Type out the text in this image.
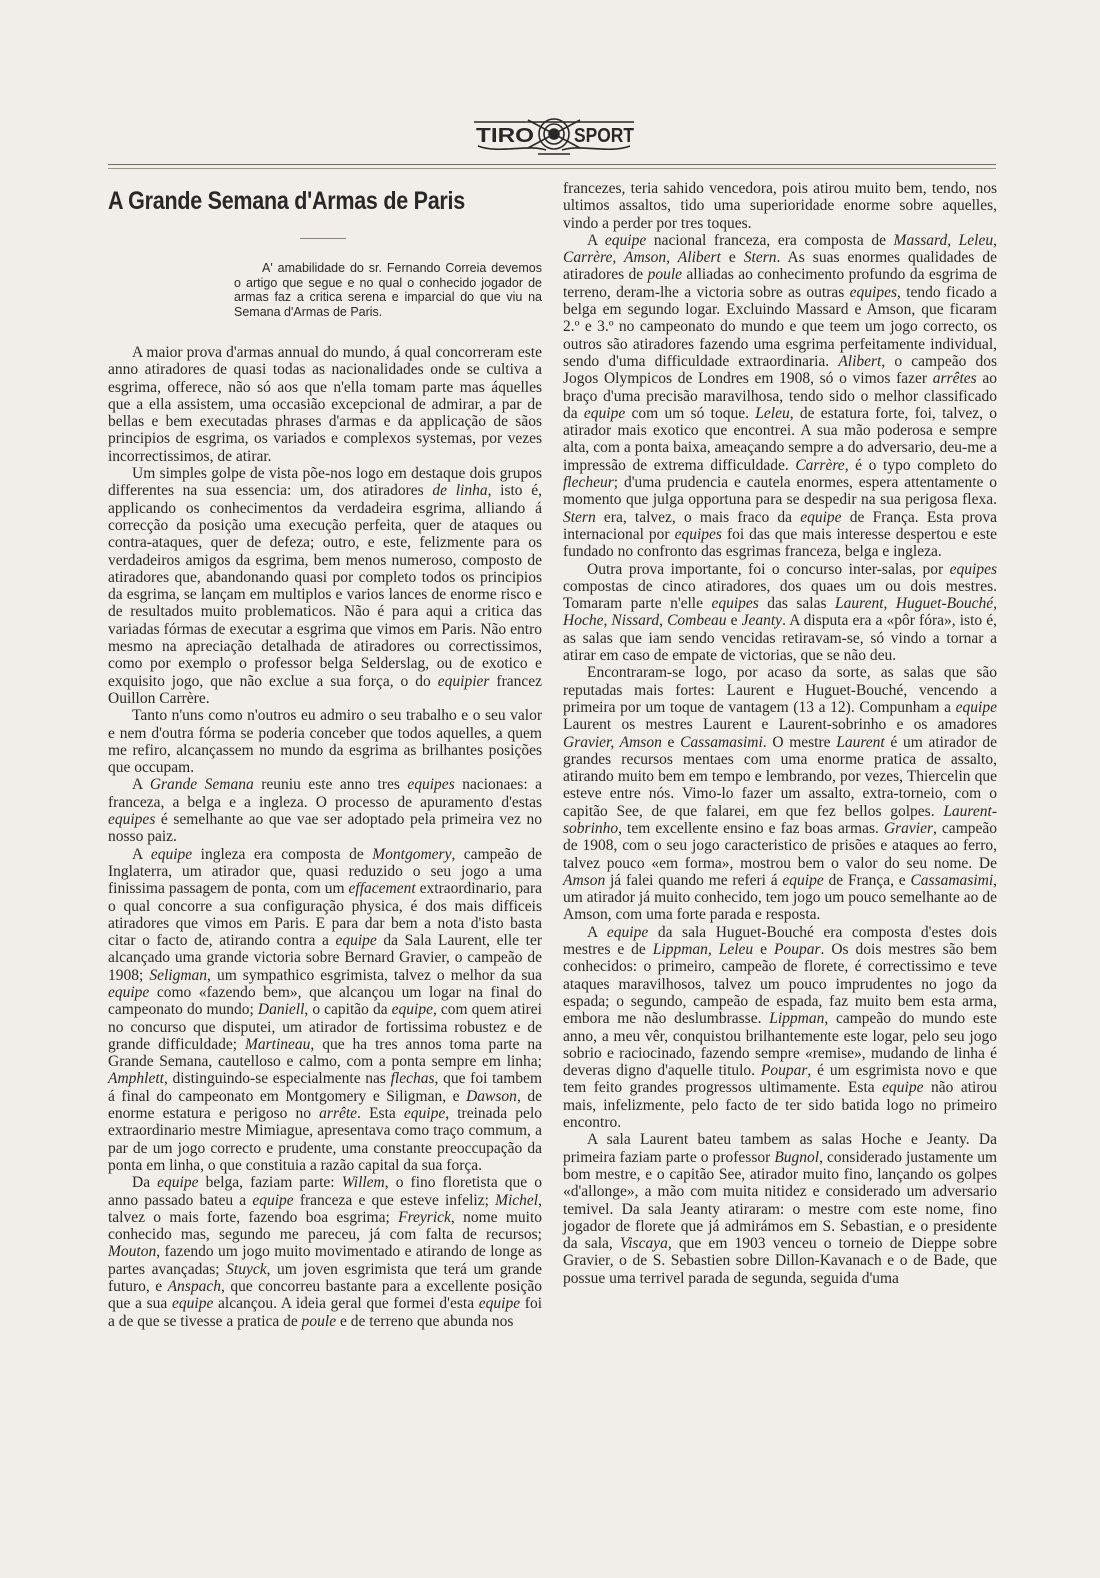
TIRO SPORT
A Grande Semana d'Armas de Paris
A' amabilidade do sr. Fernando Correia devemos o artigo que segue e no qual o conhecido jogador de armas faz a critica serena e imparcial do que viu na Semana d'Armas de Paris.

A maior prova d'armas annual do mundo, á qual concorreram este anno atiradores de quasi todas as nacionalidades onde se cultiva a esgrima, offerece, não só aos que n'ella tomam parte mas áquelles que a ella assistem, uma occasião excepcional de admirar, a par de bellas e bem executadas phrases d'armas e da applicação de sãos principios de esgrima, os variados e complexos systemas, por vezes incorrectissimos, de atirar.

Um simples golpe de vista põe-nos logo em destaque dois grupos differentes na sua essencia: um, dos atiradores de linha, isto é, applicando os conhecimentos da verdadeira esgrima, alliando á correcção da posição uma execução perfeita, quer de ataques ou contra-ataques, quer de defeza; outro, e este, felizmente para os verdadeiros amigos da esgrima, bem menos numeroso, composto de atiradores que, abandonando quasi por completo todos os principios da esgrima, se lançam em multiplos e varios lances de enorme risco e de resultados muito problematicos. Não é para aqui a critica das variadas fórmas de executar a esgrima que vimos em Paris. Não entro mesmo na apreciação detalhada de atiradores ou correctissimos, como por exemplo o professor belga Selderslag, ou de exotico e exquisito jogo, que não exclue a sua força, o do equipier francez Ouillon Carrère.

Tanto n'uns como n'outros eu admiro o seu trabalho e o seu valor e nem d'outra fórma se poderia conceber que todos aquelles, a quem me refiro, alcançassem no mundo da esgrima as brilhantes posições que occupam.

A Grande Semana reuniu este anno tres equipes nacionaes: a franceza, a belga e a ingleza. O processo de apuramento d'estas equipes é semelhante ao que vae ser adoptado pela primeira vez no nosso paiz.

A equipe ingleza era composta de Montgomery, campeão de Inglaterra, um atirador que, quasi reduzido o seu jogo a uma finissima passagem de ponta, com um effacement extraordinario, para o qual concorre a sua configuração physica, é dos mais difficeis atiradores que vimos em Paris. E para dar bem a nota d'isto basta citar o facto de, atirando contra a equipe da Sala Laurent, elle ter alcançado uma grande victoria sobre Bernard Gravier, o campeão de 1908; Seligman, um sympathico esgrimista, talvez o melhor da sua equipe como «fazendo bem», que alcançou um logar na final do campeonato do mundo; Daniell, o capitão da equipe, com quem atirei no concurso que disputei, um atirador de fortissima robustez e de grande difficuldade; Martineau, que ha tres annos toma parte na Grande Semana, cautelloso e calmo, com a ponta sempre em linha; Amphlett, distinguindo-se especialmente nas flechas, que foi tambem á final do campeonato em Montgomery e Siligman, e Dawson, de enorme estatura e perigoso no arrête. Esta equipe, treinada pelo extraordinario mestre Mimiague, apresentava como traço commum, a par de um jogo correcto e prudente, uma constante preoccupação da ponta em linha, o que constituia a razão capital da sua força.

Da equipe belga, faziam parte: Willem, o fino floretista que o anno passado bateu a equipe franceza e que esteve infeliz; Michel, talvez o mais forte, fazendo boa esgrima; Freyrick, nome muito conhecido mas, segundo me pareceu, já com falta de recursos; Mouton, fazendo um jogo muito movimentado e atirando de longe as partes avançadas; Stuyck, um joven esgrimista que terá um grande futuro, e Anspach, que concorreu bastante para a excellente posição que a sua equipe alcançou. A ideia geral que formei d'esta equipe foi a de que se tivesse a pratica de poule e de terreno que abunda nos

francezes, teria sahido vencedora, pois atirou muito bem, tendo, nos ultimos assaltos, tido uma superioridade enorme sobre aquelles, vindo a perder por tres toques.

A equipe nacional franceza, era composta de Massard, Leleu, Carrère, Amson, Alibert e Stern. As suas enormes qualidades de atiradores de poule alliadas ao conhecimento profundo da esgrima de terreno, deram-lhe a victoria sobre as outras equipes, tendo ficado a belga em segundo logar. Excluindo Massard e Amson, que ficaram 2.º e 3.º no campeonato do mundo e que teem um jogo correcto, os outros são atiradores fazendo uma esgrima perfeitamente individual, sendo d'uma difficuldade extraordinaria. Alibert, o campeão dos Jogos Olympicos de Londres em 1908, só o vimos fazer arrêtes ao braço d'uma precisão maravilhosa, tendo sido o melhor classificado da equipe com um só toque. Leleu, de estatura forte, foi, talvez, o atirador mais exotico que encontrei. A sua mão poderosa e sempre alta, com a ponta baixa, ameaçando sempre a do adversario, deu-me a impressão de extrema difficuldade. Carrère, é o typo completo do flecheur; d'uma prudencia e cautela enormes, espera attentamente o momento que julga opportuna para se despedir na sua perigosa flexa. Stern era, talvez, o mais fraco da equipe de França. Esta prova internacional por equipes foi das que mais interesse despertou e este fundado no confronto das esgrimas franceza, belga e ingleza.

Outra prova importante, foi o concurso inter-salas, por equipes compostas de cinco atiradores, dos quaes um ou dois mestres. Tomaram parte n'elle equipes das salas Laurent, Huguet-Bouché, Hoche, Nissard, Combeau e Jeanty. A disputa era a «pôr fóra», isto é, as salas que iam sendo vencidas retiravam-se, só vindo a tornar a atirar em caso de empate de victorias, que se não deu.

Encontraram-se logo, por acaso da sorte, as salas que são reputadas mais fortes: Laurent e Huguet-Bouché, vencendo a primeira por um toque de vantagem (13 a 12). Compunham a equipe Laurent os mestres Laurent e Laurent-sobrinho e os amadores Gravier, Amson e Cassamasimi. O mestre Laurent é um atirador de grandes recursos mentaes com uma enorme pratica de assalto, atirando muito bem em tempo e lembrando, por vezes, Thiercelin que esteve entre nós. Vimo-lo fazer um assalto, extra-torneio, com o capitão See, de que falarei, em que fez bellos golpes. Laurent-sobrinho, tem excellente ensino e faz boas armas. Gravier, campeão de 1908, com o seu jogo caracteristico de prisões e ataques ao ferro, talvez pouco «em forma», mostrou bem o valor do seu nome. De Amson já falei quando me referi á equipe de França, e Cassamasimi, um atirador já muito conhecido, tem jogo um pouco semelhante ao de Amson, com uma forte parada e resposta.

A equipe da sala Huguet-Bouché era composta d'estes dois mestres e de Lippman, Leleu e Poupar. Os dois mestres são bem conhecidos: o primeiro, campeão de florete, é correctissimo e teve ataques maravilhosos, talvez um pouco imprudentes no jogo da espada; o segundo, campeão de espada, faz muito bem esta arma, embora me não deslumbrasse. Lippman, campeão do mundo este anno, a meu vêr, conquistou brilhantemente este logar, pelo seu jogo sobrio e raciocinado, fazendo sempre «remise», mudando de linha é deveras digno d'aquelle titulo. Poupar, é um esgrimista novo e que tem feito grandes progressos ultimamente. Esta equipe não atirou mais, infelizmente, pelo facto de ter sido batida logo no primeiro encontro.

A sala Laurent bateu tambem as salas Hoche e Jeanty. Da primeira faziam parte o professor Bugnol, considerado justamente um bom mestre, e o capitão See, atirador muito fino, lançando os golpes «d'allonge», a mão com muita nitidez e considerado um adversario temivel. Da sala Jeanty atiraram: o mestre com este nome, fino jogador de florete que já admirámos em S. Sebastian, e o presidente da sala, Viscaya, que em 1903 venceu o torneio de Dieppe sobre Gravier, o de S. Sebastien sobre Dillon-Kavanach e o de Bade, que possue uma terrivel parada de segunda, seguida d'uma
